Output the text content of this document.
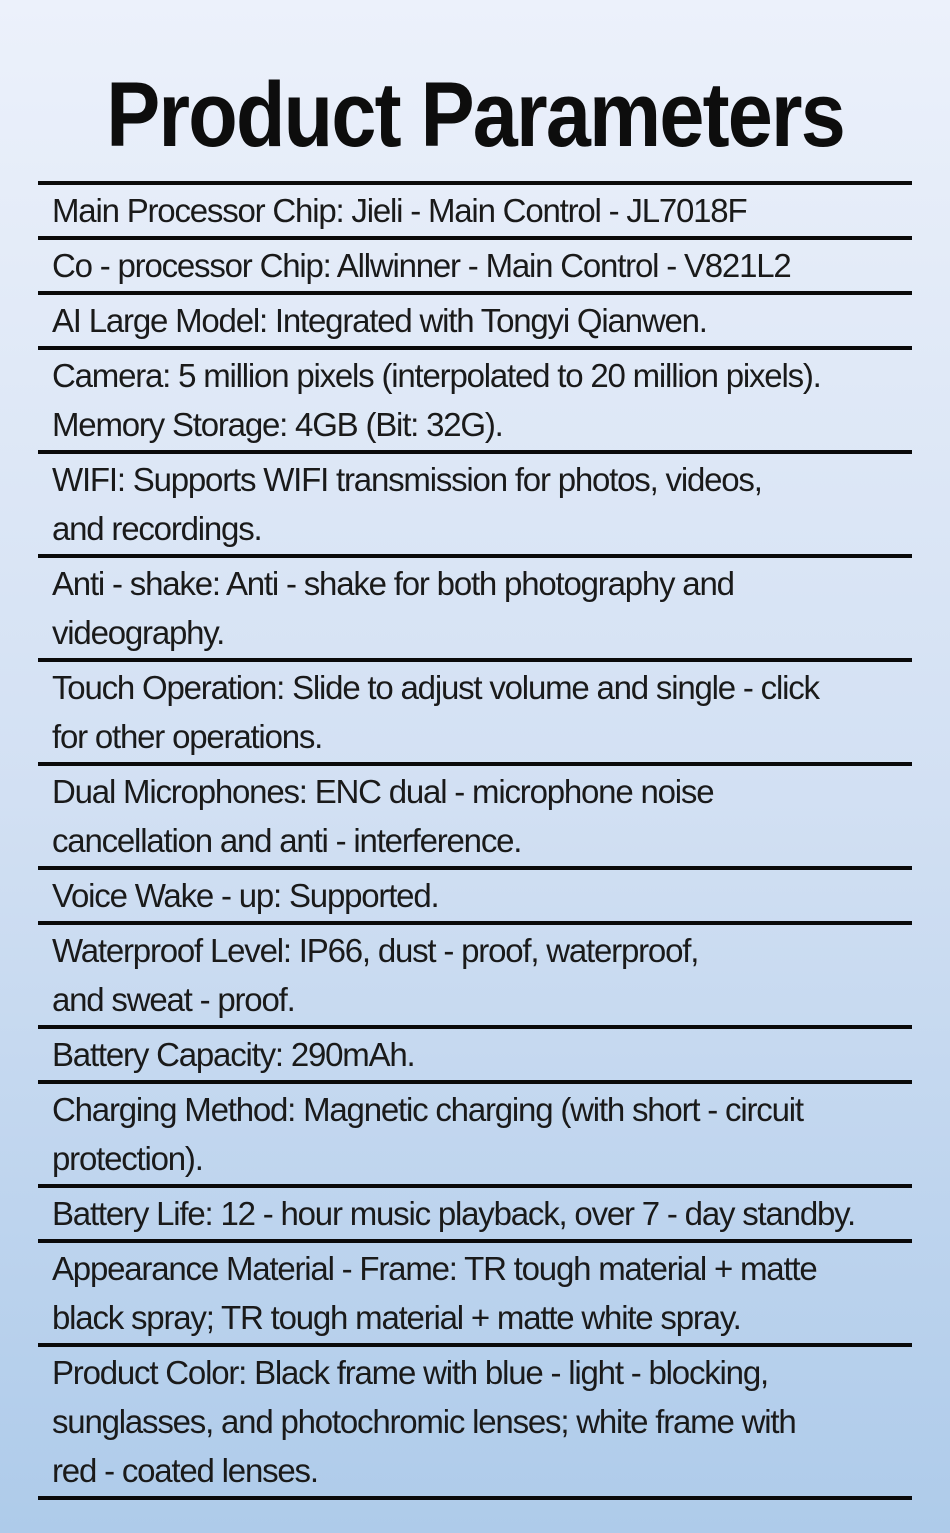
Product Parameters
Main Processor Chip: Jieli - Main Control - JL7018F
Co - processor Chip: Allwinner - Main Control - V821L2
AI Large Model: Integrated with Tongyi Qianwen.
Camera: 5 million pixels (interpolated to 20 million pixels).
Memory Storage: 4GB (Bit: 32G).
WIFI: Supports WIFI transmission for photos, videos,
and recordings.
Anti - shake: Anti - shake for both photography and
videography.
Touch Operation: Slide to adjust volume and single - click
for other operations.
Dual Microphones: ENC dual - microphone noise
cancellation and anti - interference.
Voice Wake - up: Supported.
Waterproof Level: IP66, dust - proof, waterproof,
and sweat - proof.
Battery Capacity: 290mAh.
Charging Method: Magnetic charging (with short - circuit
protection).
Battery Life: 12 - hour music playback, over 7 - day standby.
Appearance Material - Frame: TR tough material + matte
black spray; TR tough material + matte white spray.
Product Color: Black frame with blue - light - blocking,
sunglasses, and photochromic lenses; white frame with
red - coated lenses.
